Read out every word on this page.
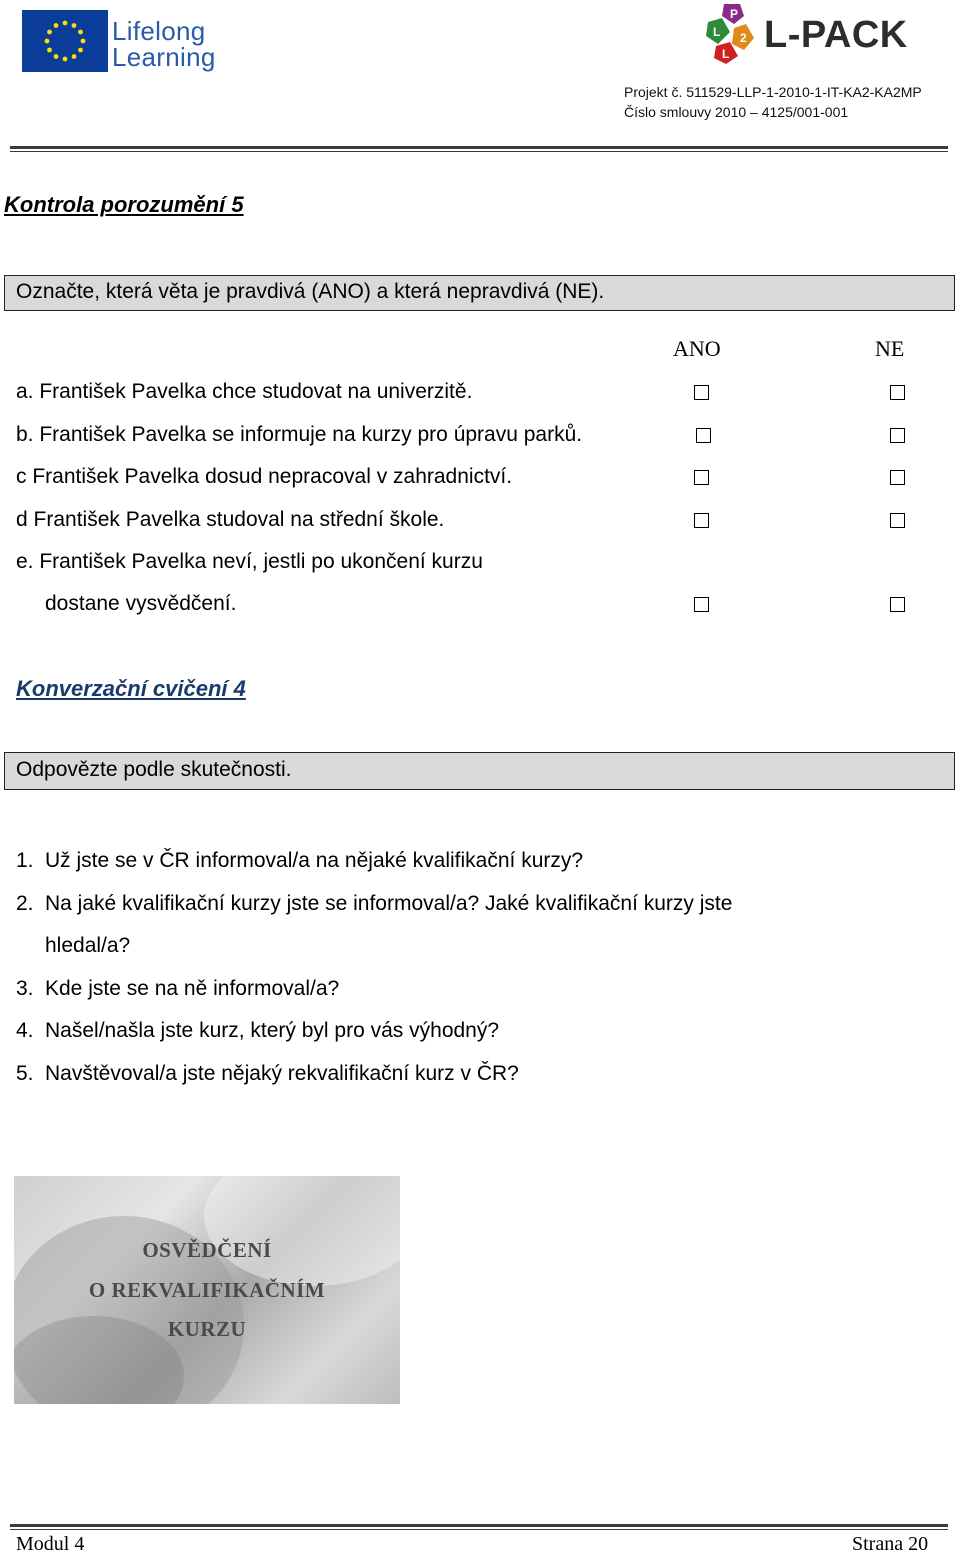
Lifelong
Learning
P
L 2
L L-PACK
Projekt č. 511529-LLP-1-2010-1-IT-KA2-KA2MP
Číslo smlouvy 2010 – 4125/001-001
Kontrola porozumění 5
Označte, která věta je pravdivá (ANO) a která nepravdivá (NE).
ANO	NE
a. František Pavelka chce studovat na univerzitě.
b. František Pavelka se informuje na kurzy pro úpravu parků.
c František Pavelka dosud nepracoval v zahradnictví.
d František Pavelka studoval na střední škole.
e. František Pavelka neví, jestli po ukončení kurzu
dostane vysvědčení.
Konverzační cvičení 4
Odpovězte podle skutečnosti.
1. Už jste se v ČR informoval/a na nějaké kvalifikační kurzy?
2. Na jaké kvalifikační kurzy jste se informoval/a? Jaké kvalifikační kurzy jste
hledal/a?
3. Kde jste se na ně informoval/a?
4. Našel/našla jste kurz, který byl pro vás výhodný?
5. Navštěvoval/a jste nějaký rekvalifikační kurz v ČR?
OSVĚDČENÍ
O REKVALIFIKAČNÍM
KURZU
Modul 4	Strana 20
